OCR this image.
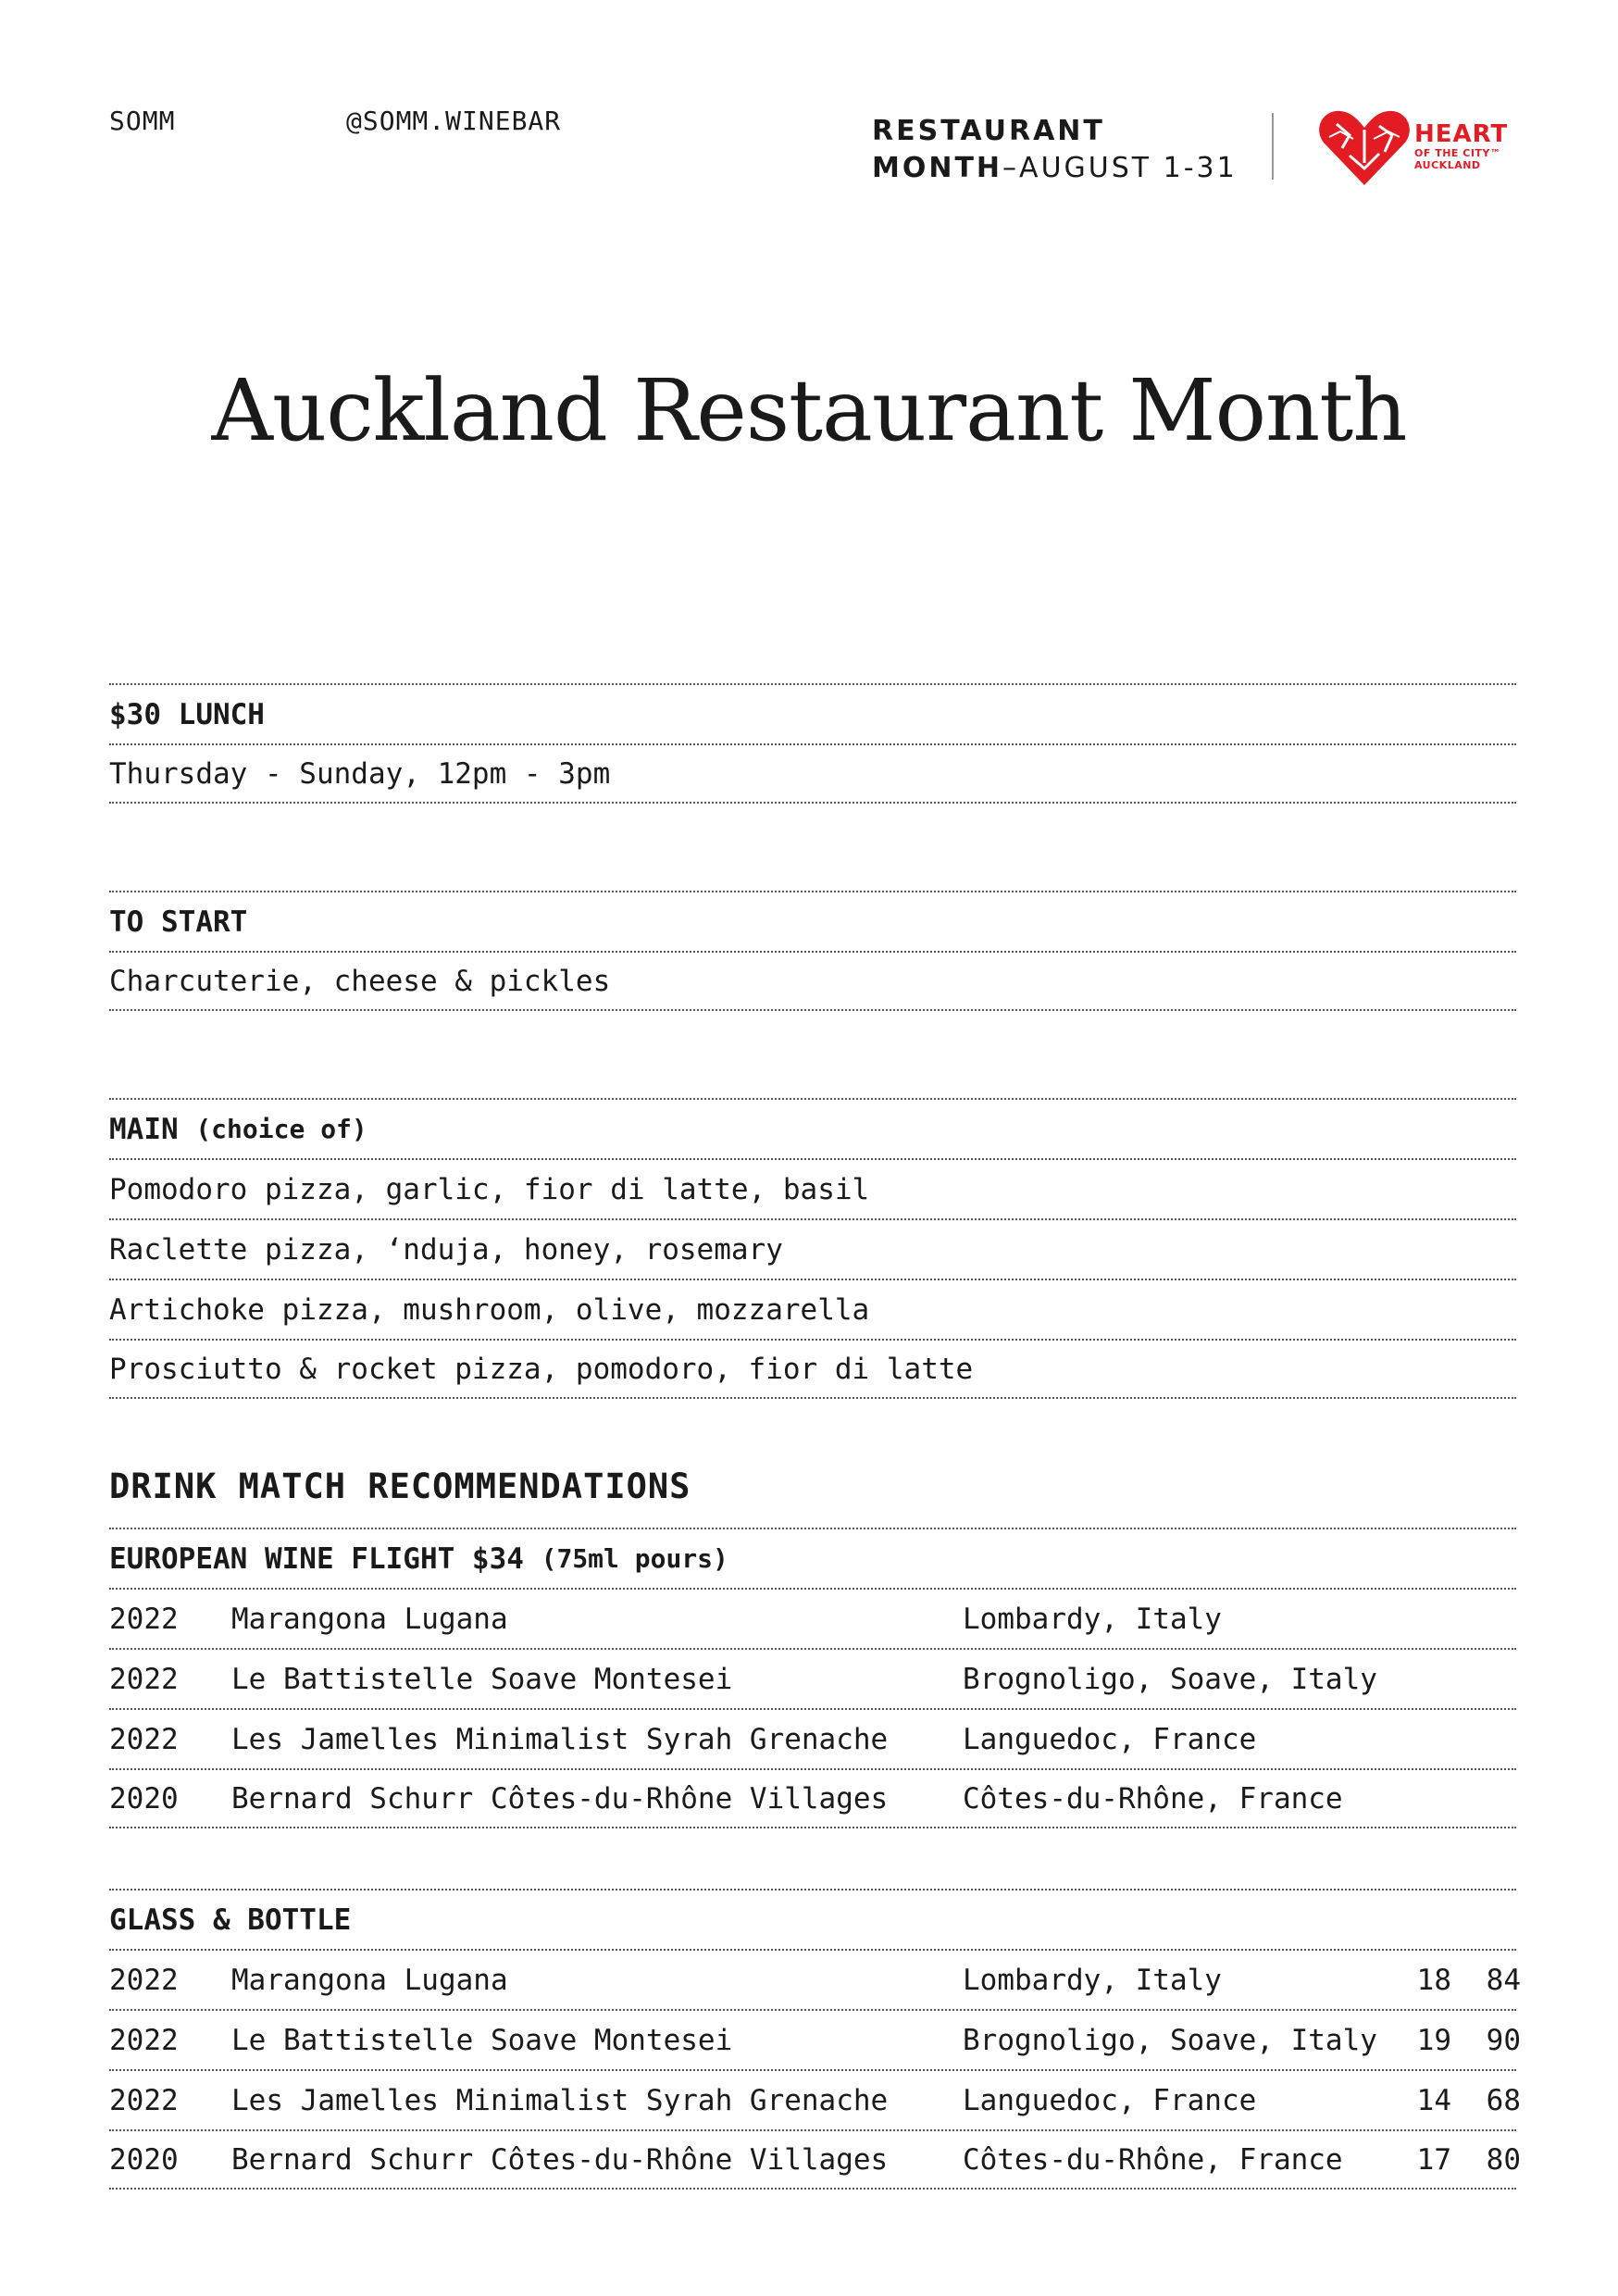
SOMM	@SOMM.WINEBAR	RESTAURANT
MONTH–AUGUST 1-31
HEART
OF THE CITY™
AUCKLAND
Auckland Restaurant Month
$30 LUNCH
Thursday - Sunday, 12pm - 3pm
TO START
Charcuterie, cheese & pickles
MAIN
(choice of)
Pomodoro pizza, garlic, fior di latte, basil
Raclette pizza, ‘nduja, honey, rosemary
Artichoke pizza, mushroom, olive, mozzarella
Prosciutto & rocket pizza, pomodoro, fior di latte
DRINK MATCH RECOMMENDATIONS
EUROPEAN WINE FLIGHT $34
(75ml pours)
2022	Marangona Lugana	Lombardy, Italy
2022	Le Battistelle Soave Montesei	Brognoligo, Soave, Italy
2022	Les Jamelles Minimalist Syrah Grenache	Languedoc, France
2020	Bernard Schurr Côtes-du-Rhône Villages	Côtes-du-Rhône, France
GLASS & BOTTLE
2022	Marangona Lugana	Lombardy, Italy	18	84
2022	Le Battistelle Soave Montesei	Brognoligo, Soave, Italy	19	90
2022	Les Jamelles Minimalist Syrah Grenache	Languedoc, France	14	68
2020	Bernard Schurr Côtes-du-Rhône Villages	Côtes-du-Rhône, France	17	80
